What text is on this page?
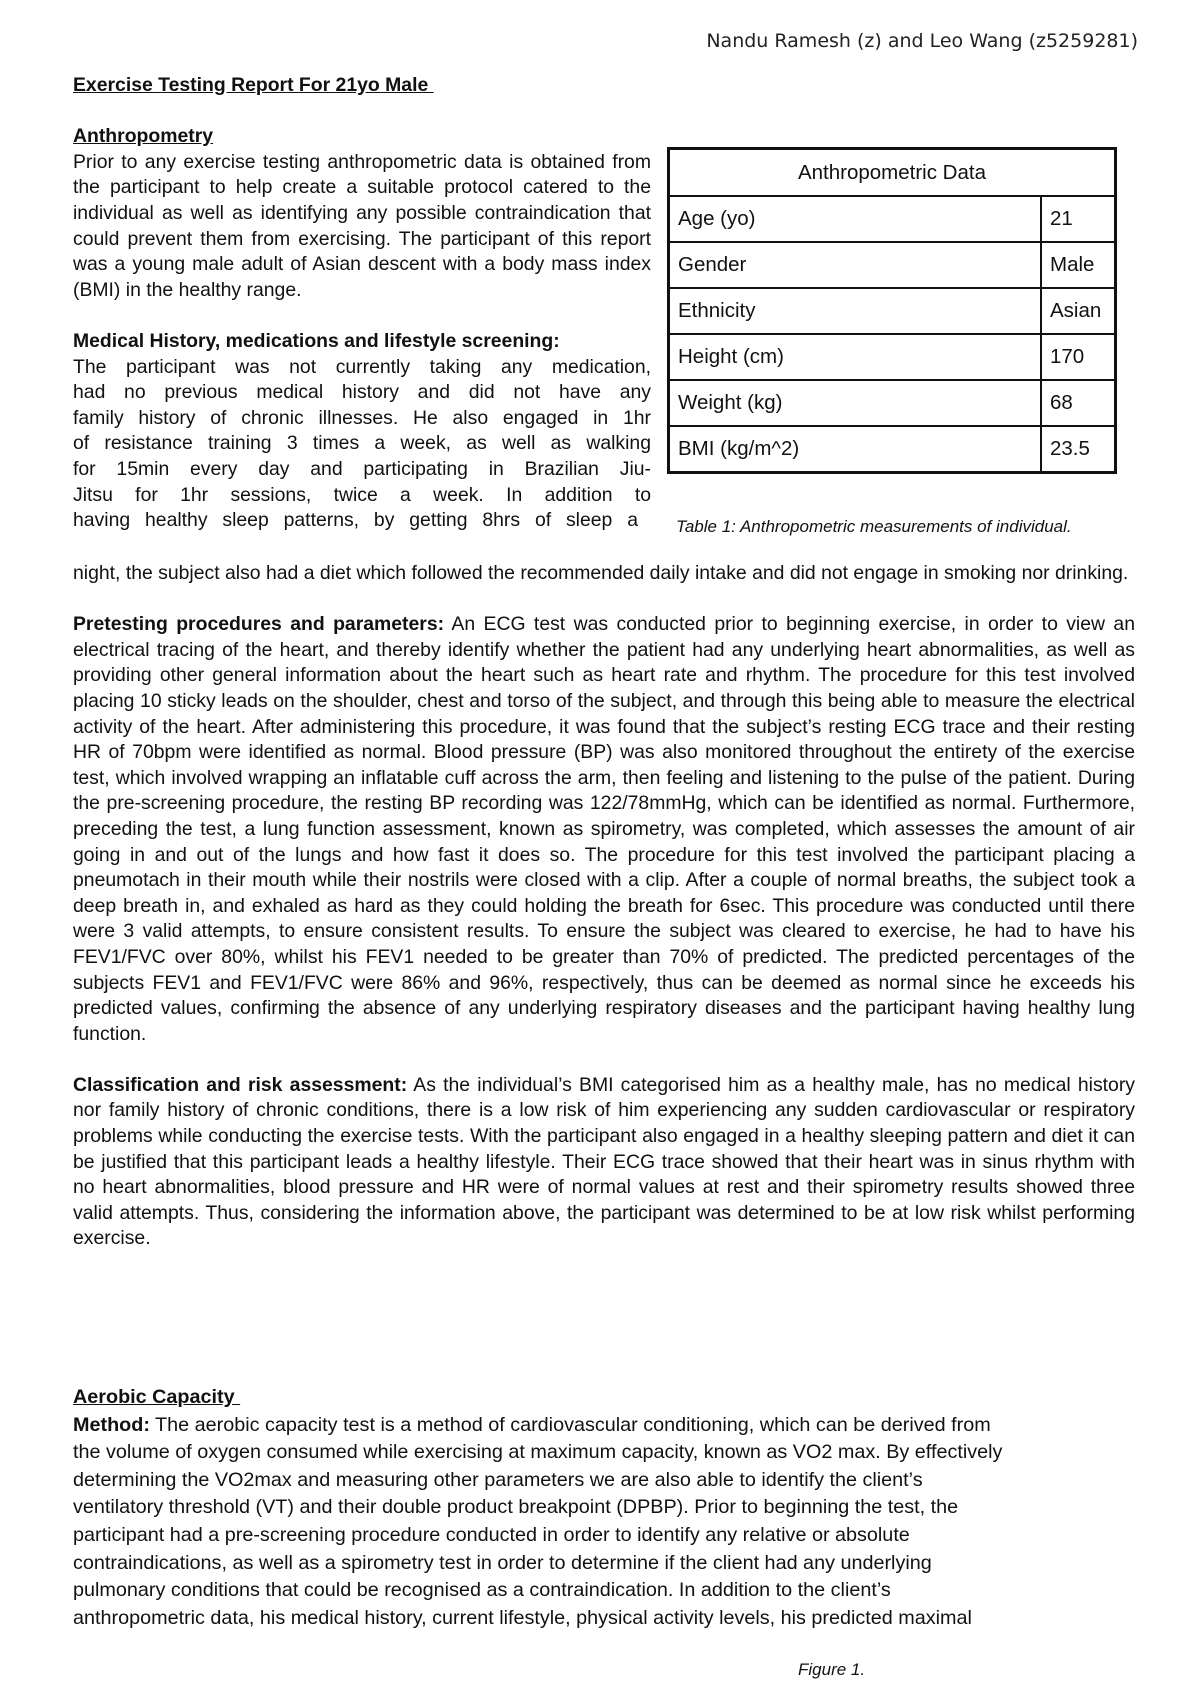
Nandu Ramesh (z) and Leo Wang (z5259281)

Exercise Testing Report For 21yo Male

Anthropometry

Prior to any exercise testing anthropometric data is obtained from the participant to help create a suitable protocol catered to the individual as well as identifying any possible contraindication that could prevent them from exercising. The participant of this report was a young male adult of Asian descent with a body mass index (BMI) in the healthy range.

Medical History, medications and lifestyle screening:

The participant was not currently taking any medication,

had no previous medical history and did not have any

family history of chronic illnesses. He also engaged in 1hr

of resistance training 3 times a week, as well as walking

for 15min every day and participating in Brazilian Jiu-

Jitsu for 1hr sessions, twice a week. In addition to

having healthy sleep patterns, by getting 8hrs of sleep a

Anthropometric Data	
Age (yo)	21
Gender	Male
Ethnicity	Asian
Height (cm)	170
Weight (kg)	68
BMI (kg/m^2)	23.5
Table 1: Anthropometric measurements of individual.

night, the subject also had a diet which followed the recommended daily intake and did not engage in smoking nor drinking.

Pretesting procedures and parameters: An ECG test was conducted prior to beginning exercise, in order to view an electrical tracing of the heart, and thereby identify whether the patient had any underlying heart abnormalities, as well as providing other general information about the heart such as heart rate and rhythm. The procedure for this test involved placing 10 sticky leads on the shoulder, chest and torso of the subject, and through this being able to measure the electrical activity of the heart. After administering this procedure, it was found that the subject’s resting ECG trace and their resting HR of 70bpm were identified as normal. Blood pressure (BP) was also monitored throughout the entirety of the exercise test, which involved wrapping an inflatable cuff across the arm, then feeling and listening to the pulse of the patient. During the pre-screening procedure, the resting BP recording was 122/78mmHg, which can be identified as normal. Furthermore, preceding the test, a lung function assessment, known as spirometry, was completed, which assesses the amount of air going in and out of the lungs and how fast it does so. The procedure for this test involved the participant placing a pneumotach in their mouth while their nostrils were closed with a clip. After a couple of normal breaths, the subject took a deep breath in, and exhaled as hard as they could holding the breath for 6sec. This procedure was conducted until there were 3 valid attempts, to ensure consistent results. To ensure the subject was cleared to exercise, he had to have his FEV1/FVC over 80%, whilst his FEV1 needed to be greater than 70% of predicted. The predicted percentages of the subjects FEV1 and FEV1/FVC were 86% and 96%, respectively, thus can be deemed as normal since he exceeds his predicted values, confirming the absence of any underlying respiratory diseases and the participant having healthy lung function.

Classification and risk assessment: As the individual’s BMI categorised him as a healthy male, has no medical history nor family history of chronic conditions, there is a low risk of him experiencing any sudden cardiovascular or respiratory problems while conducting the exercise tests. With the participant also engaged in a healthy sleeping pattern and diet it can be justified that this participant leads a healthy lifestyle. Their ECG trace showed that their heart was in sinus rhythm with no heart abnormalities, blood pressure and HR were of normal values at rest and their spirometry results showed three valid attempts. Thus, considering the information above, the participant was determined to be at low risk whilst performing exercise.

Aerobic Capacity

Method: The aerobic capacity test is a method of cardiovascular conditioning, which can be derived from

the volume of oxygen consumed while exercising at maximum capacity, known as VO2 max. By effectively

determining the VO2max and measuring other parameters we are also able to identify the client’s

ventilatory threshold (VT) and their double product breakpoint (DPBP). Prior to beginning the test, the

participant had a pre-screening procedure conducted in order to identify any relative or absolute

contraindications, as well as a spirometry test in order to determine if the client had any underlying

pulmonary conditions that could be recognised as a contraindication. In addition to the client’s

anthropometric data, his medical history, current lifestyle, physical activity levels, his predicted maximal

Figure 1.
